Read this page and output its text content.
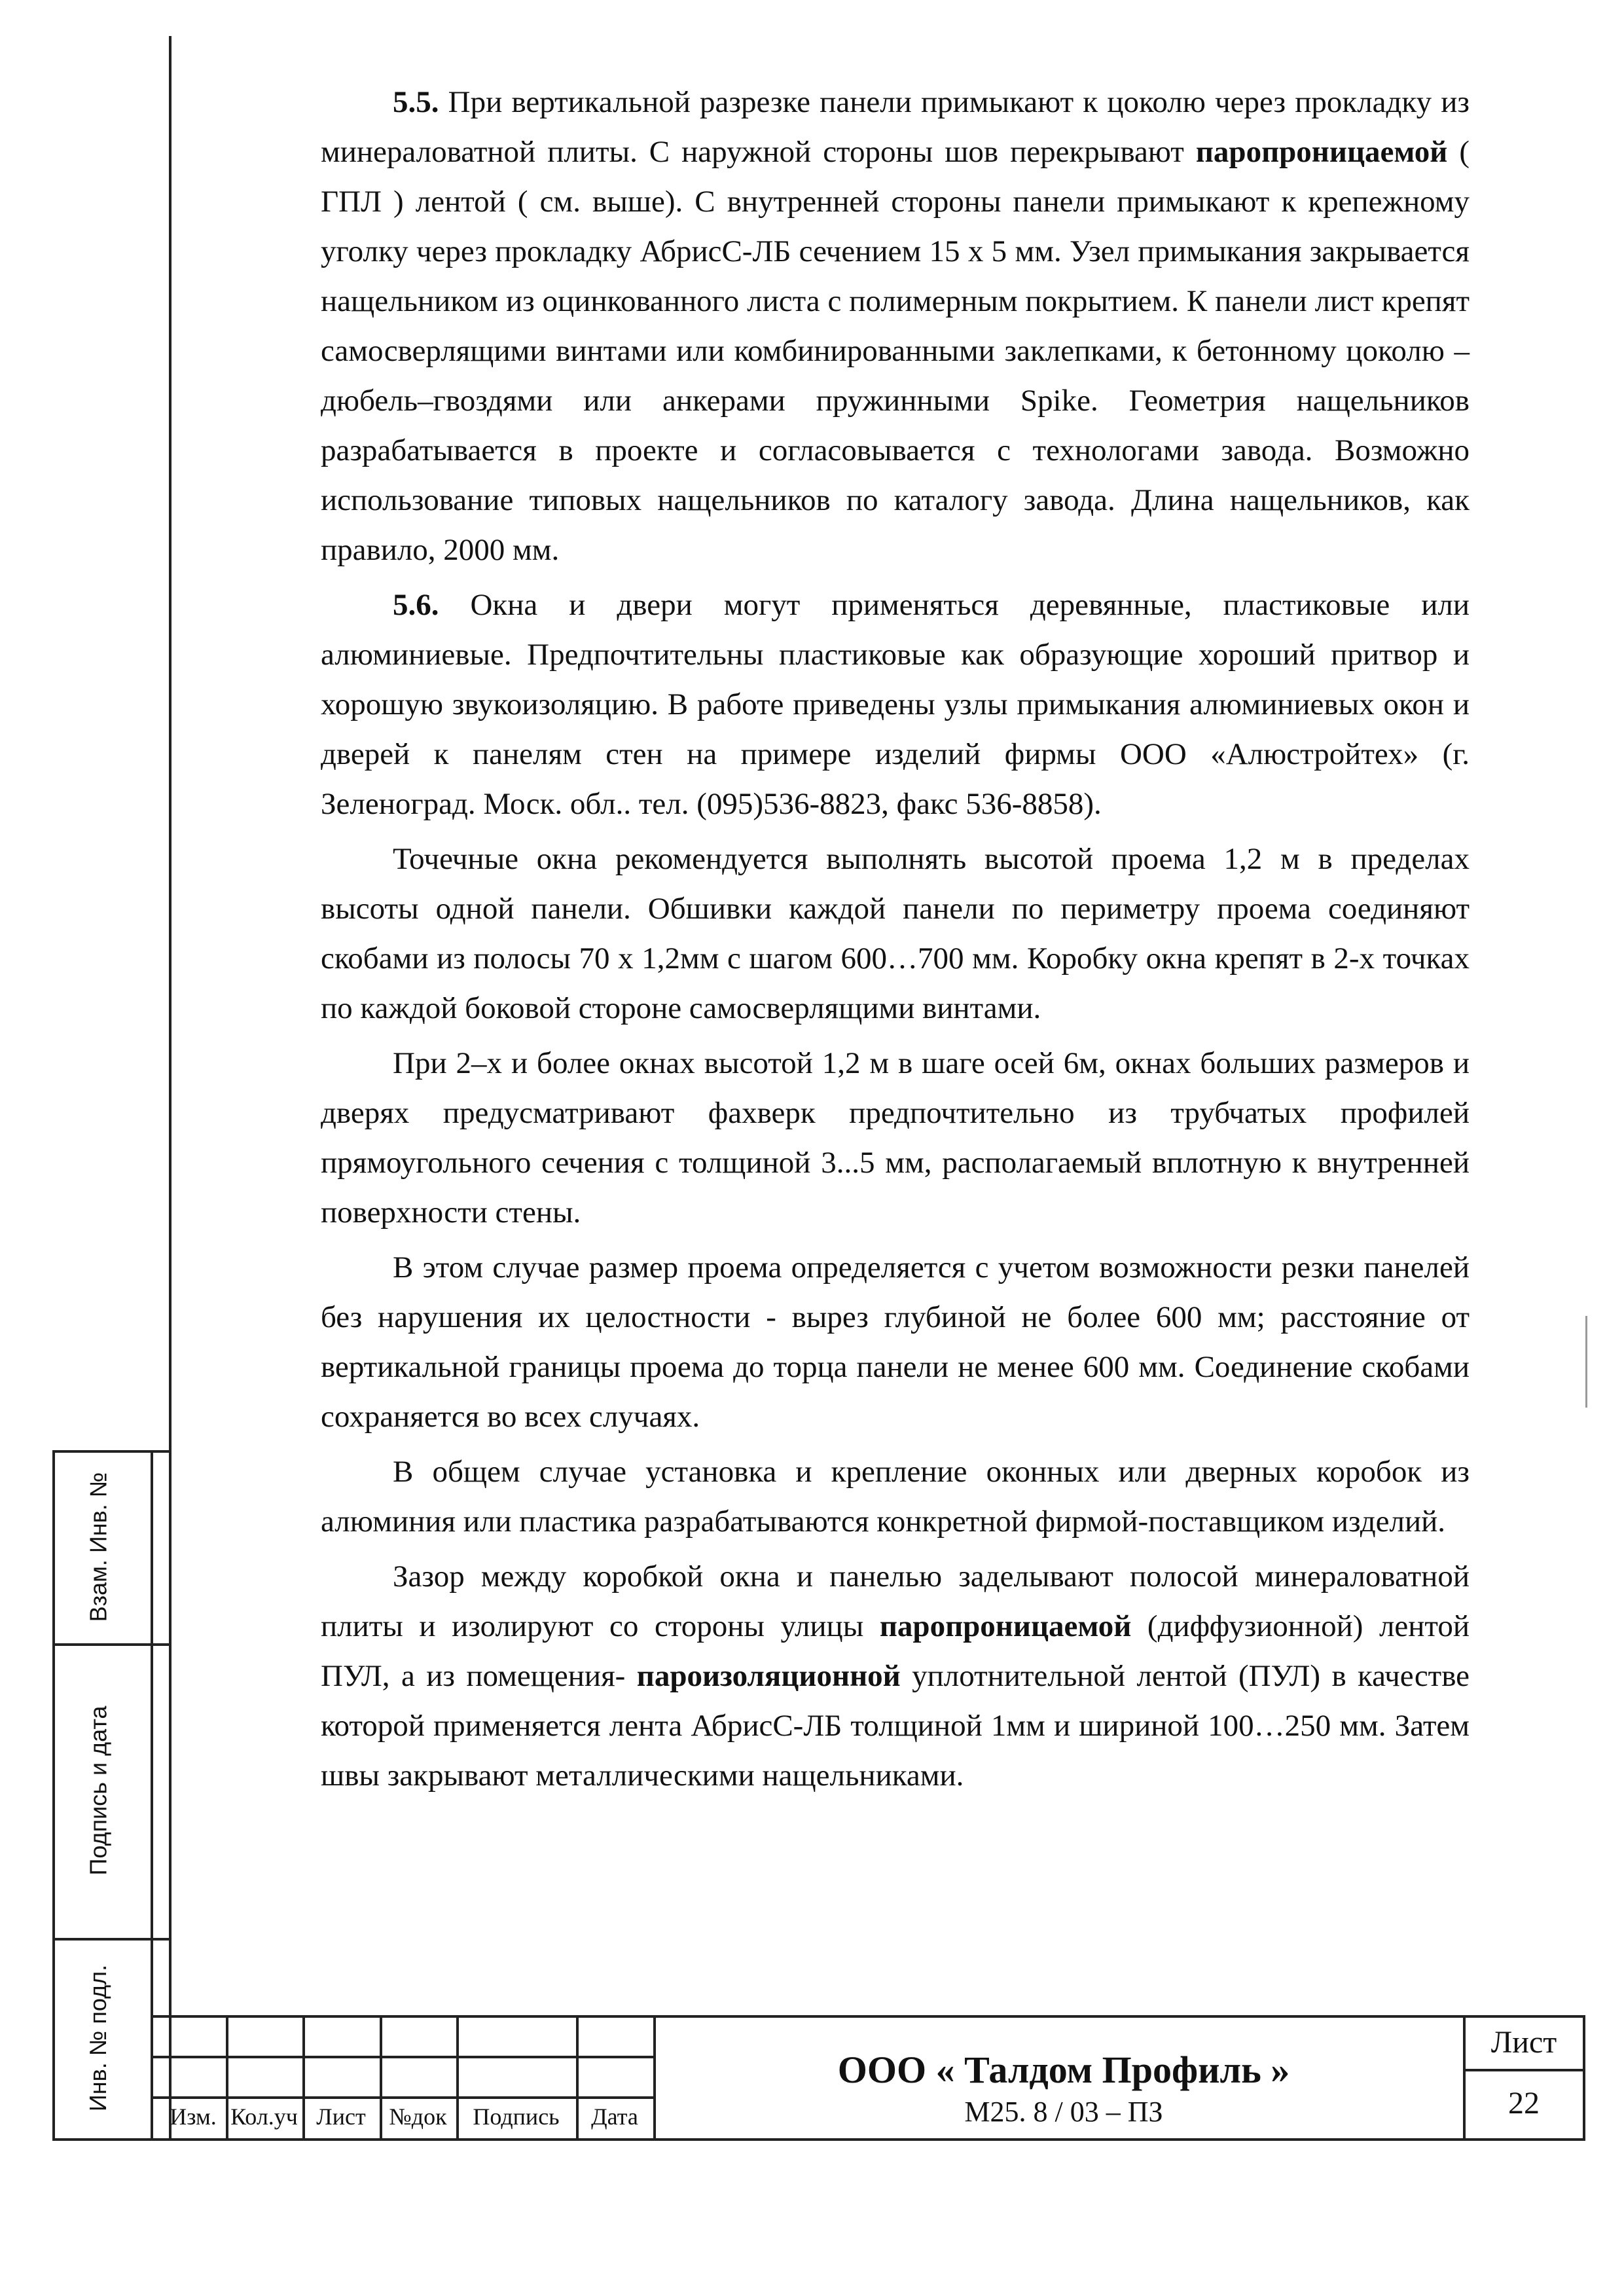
Взам. Инв. №
Подпись и дата
Инв. № подл.

5.5. При вертикальной разрезке панели примыкают к цоколю через прокладку из минераловатной плиты. С наружной стороны шов перекрывают паропроницаемой ( ГПЛ ) лентой ( см. выше). С внутренней стороны панели примыкают к крепежному уголку через прокладку АбрисС-ЛБ сечением 15 х 5 мм. Узел примыкания закрывается нащельником из оцинкованного листа с полимерным покрытием. К панели лист крепят самосверлящими винтами или комбинированными заклепками, к бетонному цоколю – дюбель–гвоздями или анкерами пружинными Spike. Геометрия нащельников разрабатывается в проекте и согласовывается с технологами завода. Возможно использование типовых нащельников по каталогу завода. Длина нащельников, как правило, 2000 мм.

5.6. Окна и двери могут применяться деревянные, пластиковые или алюминиевые. Предпочтительны пластиковые как образующие хороший притвор и хорошую звукоизоляцию. В работе приведены узлы примыкания алюминиевых окон и дверей к панелям стен на примере изделий фирмы ООО «Алюстройтех» (г. Зеленоград. Моск. обл.. тел. (095)536-8823, факс 536-8858).

Точечные окна рекомендуется выполнять высотой проема 1,2 м в пределах высоты одной панели. Обшивки каждой панели по периметру проема соединяют скобами из полосы 70 х 1,2мм с шагом 600…700 мм. Коробку окна крепят в 2-х точках по каждой боковой стороне самосверлящими винтами.

При 2–х и более окнах высотой 1,2 м в шаге осей 6м, окнах больших размеров и дверях предусматривают фахверк предпочтительно из трубчатых профилей прямоугольного сечения с толщиной 3...5 мм, располагаемый вплотную к внутренней поверхности стены.

В этом случае размер проема определяется с учетом возможности резки панелей без нарушения их целостности - вырез глубиной не более 600 мм; расстояние от вертикальной границы проема до торца панели не менее 600 мм. Соединение скобами сохраняется во всех случаях.

В общем случае установка и крепление оконных или дверных коробок из алюминия или пластика разрабатываются конкретной фирмой-поставщиком изделий.

Зазор между коробкой окна и панелью заделывают полосой минераловатной плиты и изолируют со стороны улицы паропроницаемой (диффузионной) лентой ПУЛ, а из помещения- пароизоляционной уплотнительной лентой (ПУЛ) в качестве которой применяется лента АбрисС-ЛБ толщиной 1мм и шириной 100…250 мм. Затем швы закрывают металлическими нащельниками.

Изм. Кол.уч Лист №док	Подпись	Дата
ООО « Талдом Профиль »
М25. 8 / 03 – ПЗ
Лист
22
